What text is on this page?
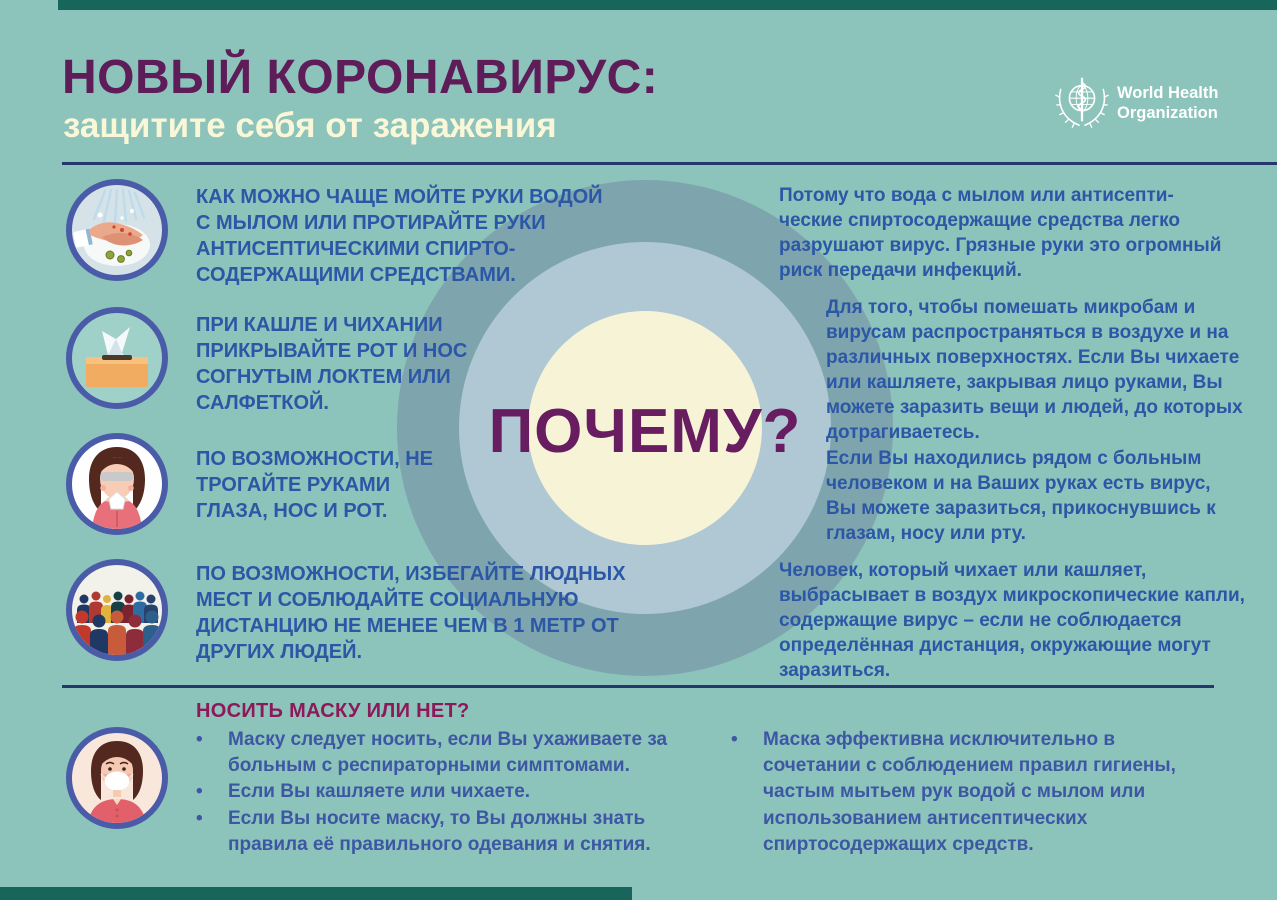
НОВЫЙ КОРОНАВИРУС:
защитите себя от заражения
World Health
Organization
ПОЧЕМУ?
КАК МОЖНО ЧАЩЕ МОЙТЕ РУКИ ВОДОЙ С МЫЛОМ ИЛИ ПРОТИРАЙТЕ РУКИ АНТИСЕПТИЧЕСКИМИ СПИРТО-СОДЕРЖАЩИМИ СРЕДСТВАМИ.
ПРИ КАШЛЕ И ЧИХАНИИ ПРИКРЫВАЙТЕ РОТ И НОС СОГНУТЫМ ЛОКТЕМ ИЛИ САЛФЕТКОЙ.
ПО ВОЗМОЖНОСТИ, НЕ ТРОГАЙТЕ РУКАМИ ГЛАЗА, НОС И РОТ.
ПО ВОЗМОЖНОСТИ, ИЗБЕГАЙТЕ ЛЮДНЫХ МЕСТ И СОБЛЮДАЙТЕ СОЦИАЛЬНУЮ ДИСТАНЦИЮ НЕ МЕНЕЕ ЧЕМ В 1 МЕТР ОТ ДРУГИХ ЛЮДЕЙ.
Потому что вода с мылом или антисепти-ческие спиртосодержащие средства легко разрушают вирус. Грязные руки это огромный риск передачи инфекций.
Для того, чтобы помешать микробам и вирусам распространяться в воздухе и на различных поверхностях. Если Вы чихаете или кашляете, закрывая лицо руками, Вы можете заразить вещи и людей, до которых дотрагиваетесь.
Если Вы находились рядом с больным человеком и на Ваших руках есть вирус, Вы можете заразиться, прикоснувшись к глазам, носу или рту.
Человек, который чихает или кашляет, выбрасывает в воздух микроскопические капли, содержащие вирус – если не соблюдается определённая дистанция, окружающие могут заразиться.
НОСИТЬ МАСКУ ИЛИ НЕТ?
•	Маску следует носить, если Вы ухаживаете за больным с респираторными симптомами.
•	Если Вы кашляете или чихаете.
•	Если Вы носите маску, то Вы должны знать правила её правильного одевания и снятия.
•	Маска эффективна исключительно в сочетании с соблюдением правил гигиены, частым мытьем рук водой с мылом или использованием антисептических спиртосодержащих средств.
